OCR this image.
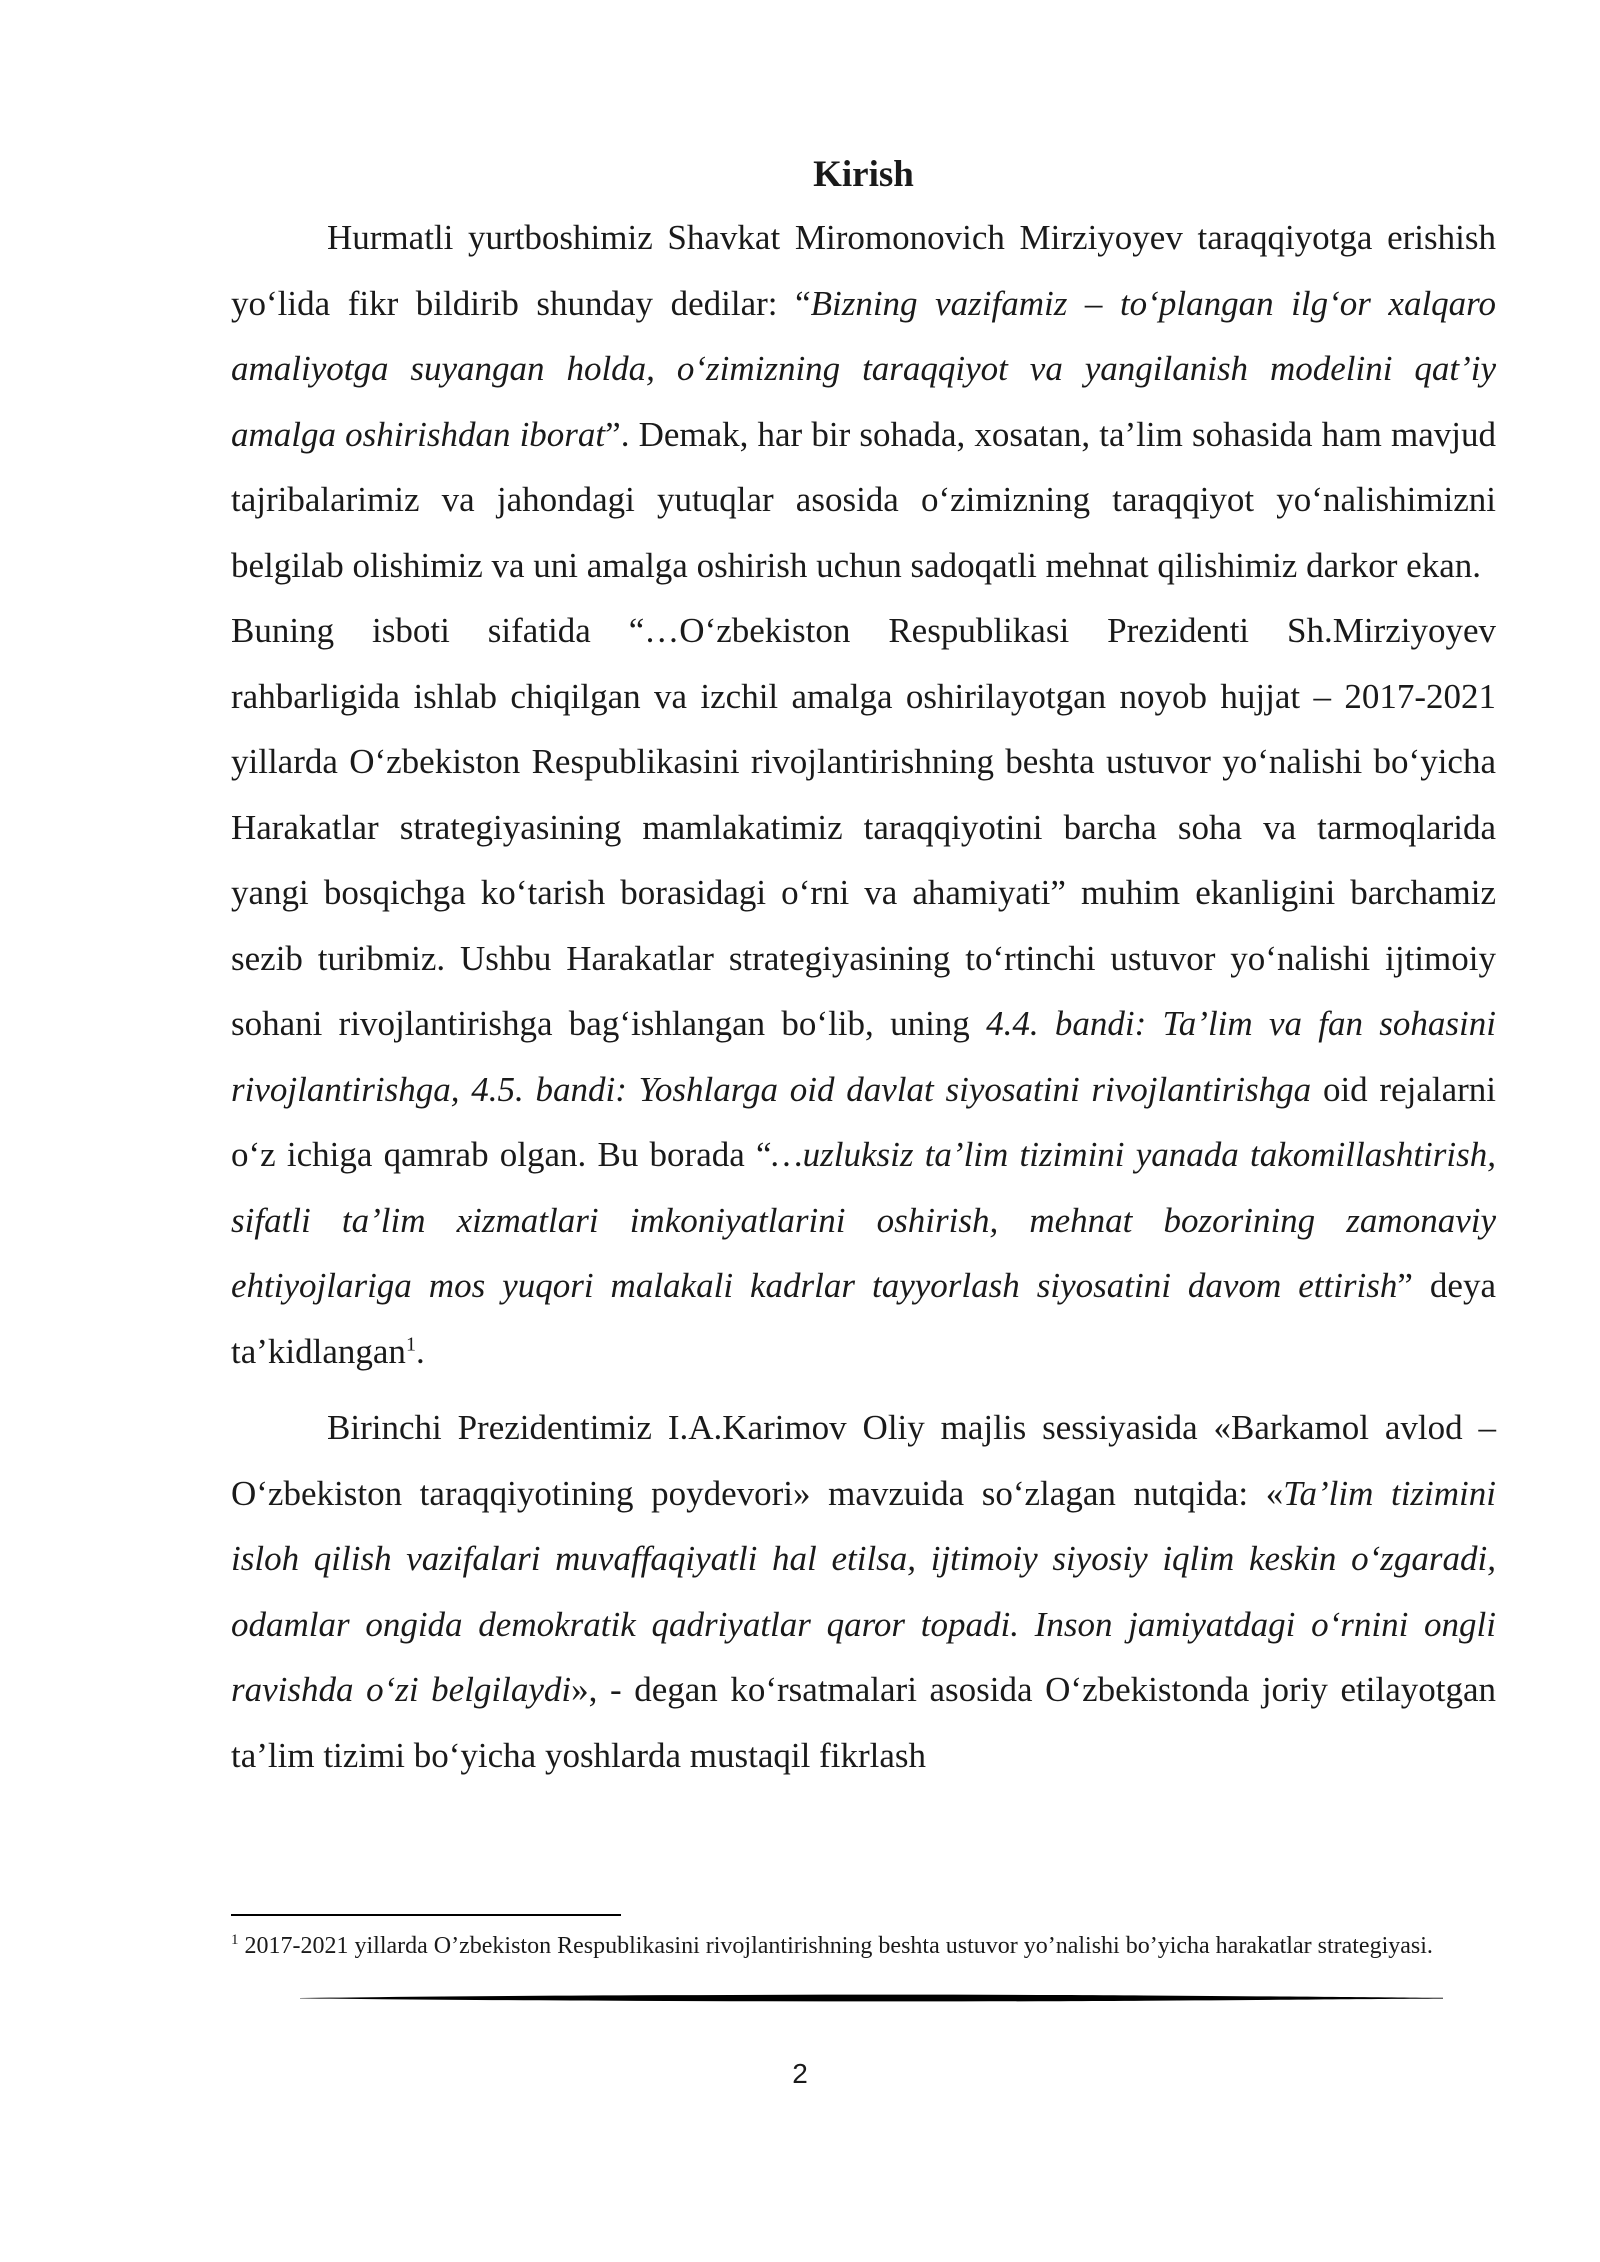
Kirish

Hurmatli yurtboshimiz Shavkat Miromonovich Mirziyoyev taraqqiyotga erishish yo‘lida fikr bildirib shunday dedilar: “Bizning vazifamiz – to‘plangan ilg‘or xalqaro amaliyotga suyangan holda, o‘zimizning taraqqiyot va yangilanish modelini qat’iy amalga oshirishdan iborat”. Demak, har bir sohada, xosatan, ta’lim sohasida ham mavjud tajribalarimiz va jahondagi yutuqlar asosida o‘zimizning taraqqiyot yo‘nalishimizni belgilab olishimiz va uni amalga oshirish uchun sadoqatli mehnat qilishimiz darkor ekan.

Buning isboti sifatida “…O‘zbekiston Respublikasi Prezidenti Sh.Mirziyoyev rahbarligida ishlab chiqilgan va izchil amalga oshirilayotgan noyob hujjat – 2017-2021 yillarda O‘zbekiston Respublikasini rivojlantirishning beshta ustuvor yo‘nalishi bo‘yicha Harakatlar strategiyasining mamlakatimiz taraqqiyotini barcha soha va tarmoqlarida yangi bosqichga ko‘tarish borasidagi o‘rni va ahamiyati” muhim ekanligini barchamiz sezib turibmiz. Ushbu Harakatlar strategiyasining to‘rtinchi ustuvor yo‘nalishi ijtimoiy sohani rivojlantirishga bag‘ishlangan bo‘lib, uning 4.4. bandi: Ta’lim va fan sohasini rivojlantirishga, 4.5. bandi: Yoshlarga oid davlat siyosatini rivojlantirishga oid rejalarni o‘z ichiga qamrab olgan. Bu borada “…uzluksiz ta’lim tizimini yanada takomillashtirish, sifatli ta’lim xizmatlari imkoniyatlarini oshirish, mehnat bozorining zamonaviy ehtiyojlariga mos yuqori malakali kadrlar tayyorlash siyosatini davom ettirish” deya ta’kidlangan$^1$.

Birinchi Prezidentimiz I.A.Karimov Oliy majlis sessiyasida «Barkamol avlod – O‘zbekiston taraqqiyotining poydevori» mavzuida so‘zlagan nutqida: «Ta’lim tizimini isloh qilish vazifalari muvaffaqiyatli hal etilsa, ijtimoiy siyosiy iqlim keskin o‘zgaradi, odamlar ongida demokratik qadriyatlar qaror topadi. Inson jamiyatdagi o‘rnini ongli ravishda o‘zi belgilaydi», - degan ko‘rsatmalari asosida O‘zbekistonda joriy etilayotgan ta’lim tizimi bo‘yicha yoshlarda mustaqil fikrlash

$^1$ 2017-2021 yillarda O’zbekiston Respublikasini rivojlantirishning beshta ustuvor yo’nalishi bo’yicha harakatlar strategiyasi.

2
